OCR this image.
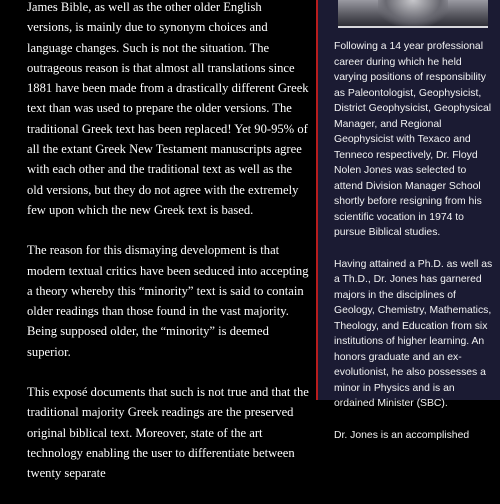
James Bible, as well as the other older English versions, is mainly due to synonym choices and language changes. Such is not the situation. The outrageous reason is that almost all translations since 1881 have been made from a drastically different Greek text than was used to prepare the older versions. The traditional Greek text has been replaced! Yet 90-95% of all the extant Greek New Testament manuscripts agree with each other and the traditional text as well as the old versions, but they do not agree with the extremely few upon which the new Greek text is based.

The reason for this dismaying development is that modern textual critics have been seduced into accepting a theory whereby this “minority” text is said to contain older readings than those found in the vast majority. Being supposed older, the “minority” is deemed superior.

This exposé documents that such is not true and that the traditional majority Greek readings are the preserved original biblical text. Moreover, state of the art technology enabling the user to differentiate between twenty separate

Following a 14 year professional career during which he held varying positions of responsibility as Paleontologist, Geophysicist, District Geophysicist, Geophysical Manager, and Regional Geophysicist with Texaco and Tenneco respectively, Dr. Floyd Nolen Jones was selected to attend Division Manager School shortly before resigning from his scientific vocation in 1974 to pursue Biblical studies.

Having attained a Ph.D. as well as a Th.D., Dr. Jones has garnered majors in the disciplines of Geology, Chemistry, Mathematics, Theology, and Education from six institutions of higher learning. An honors graduate and an ex-evolutionist, he also possesses a minor in Physics and is an ordained Minister (SBC).

Dr. Jones is an accomplished
